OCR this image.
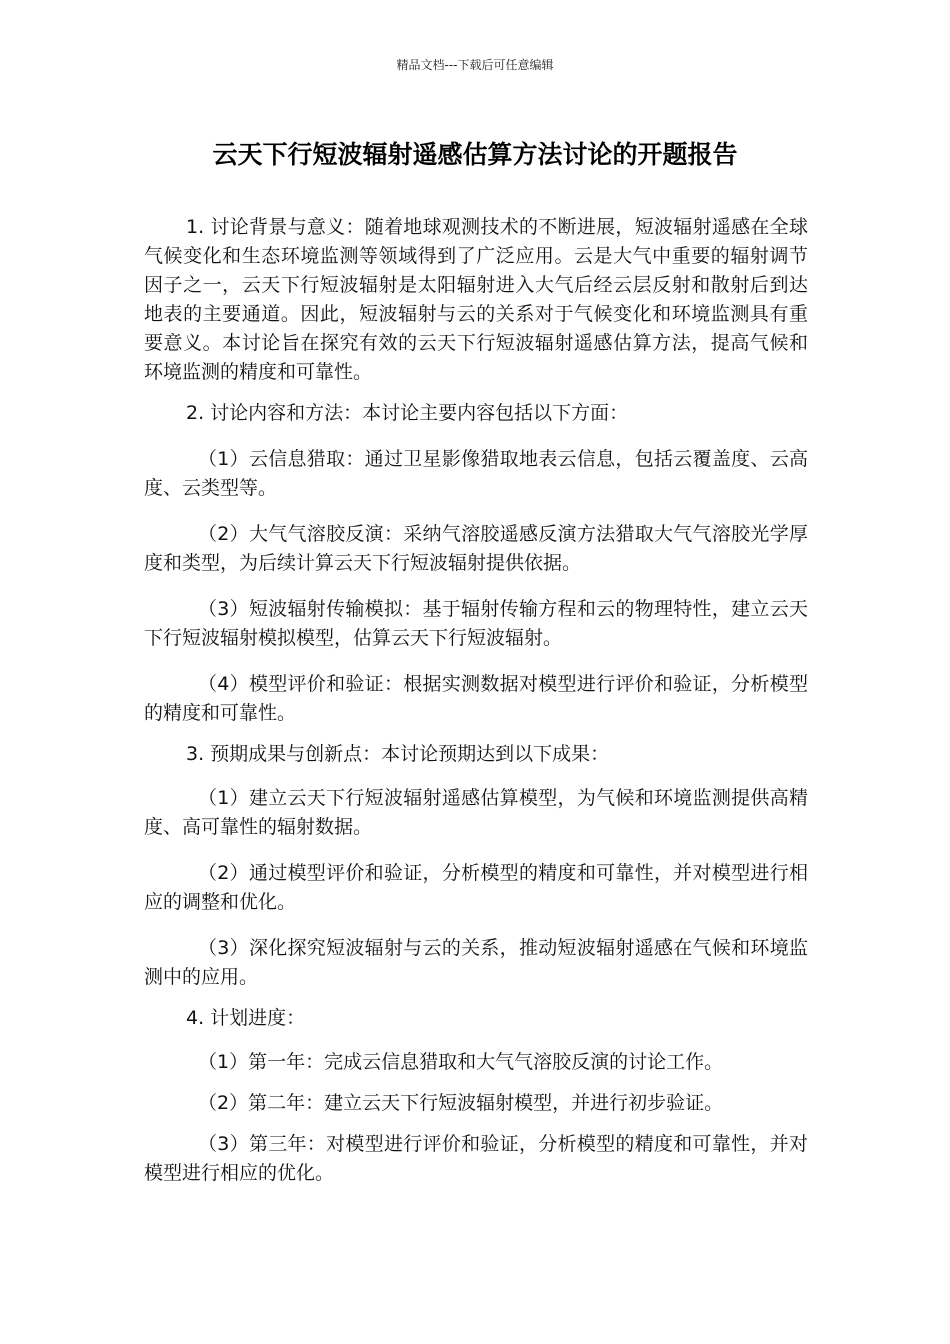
精品文档---下载后可任意编辑
云天下行短波辐射遥感估算方法讨论的开题报告

1. 讨论背景与意义：随着地球观测技术的不断进展，短波辐射遥感在全球气候变化和生态环境监测等领域得到了广泛应用。云是大气中重要的辐射调节因子之一，云天下行短波辐射是太阳辐射进入大气后经云层反射和散射后到达地表的主要通道。因此，短波辐射与云的关系对于气候变化和环境监测具有重要意义。本讨论旨在探究有效的云天下行短波辐射遥感估算方法，提高气候和环境监测的精度和可靠性。

2. 讨论内容和方法：本讨论主要内容包括以下方面：

（1）云信息猎取：通过卫星影像猎取地表云信息，包括云覆盖度、云高度、云类型等。

（2）大气气溶胶反演：采纳气溶胶遥感反演方法猎取大气气溶胶光学厚度和类型，为后续计算云天下行短波辐射提供依据。

（3）短波辐射传输模拟：基于辐射传输方程和云的物理特性，建立云天下行短波辐射模拟模型，估算云天下行短波辐射。

（4）模型评价和验证：根据实测数据对模型进行评价和验证，分析模型的精度和可靠性。

3. 预期成果与创新点：本讨论预期达到以下成果：

（1）建立云天下行短波辐射遥感估算模型，为气候和环境监测提供高精度、高可靠性的辐射数据。

（2）通过模型评价和验证，分析模型的精度和可靠性，并对模型进行相应的调整和优化。

（3）深化探究短波辐射与云的关系，推动短波辐射遥感在气候和环境监测中的应用。

4. 计划进度：

（1）第一年：完成云信息猎取和大气气溶胶反演的讨论工作。

（2）第二年：建立云天下行短波辐射模型，并进行初步验证。

（3）第三年：对模型进行评价和验证，分析模型的精度和可靠性，并对模型进行相应的优化。
